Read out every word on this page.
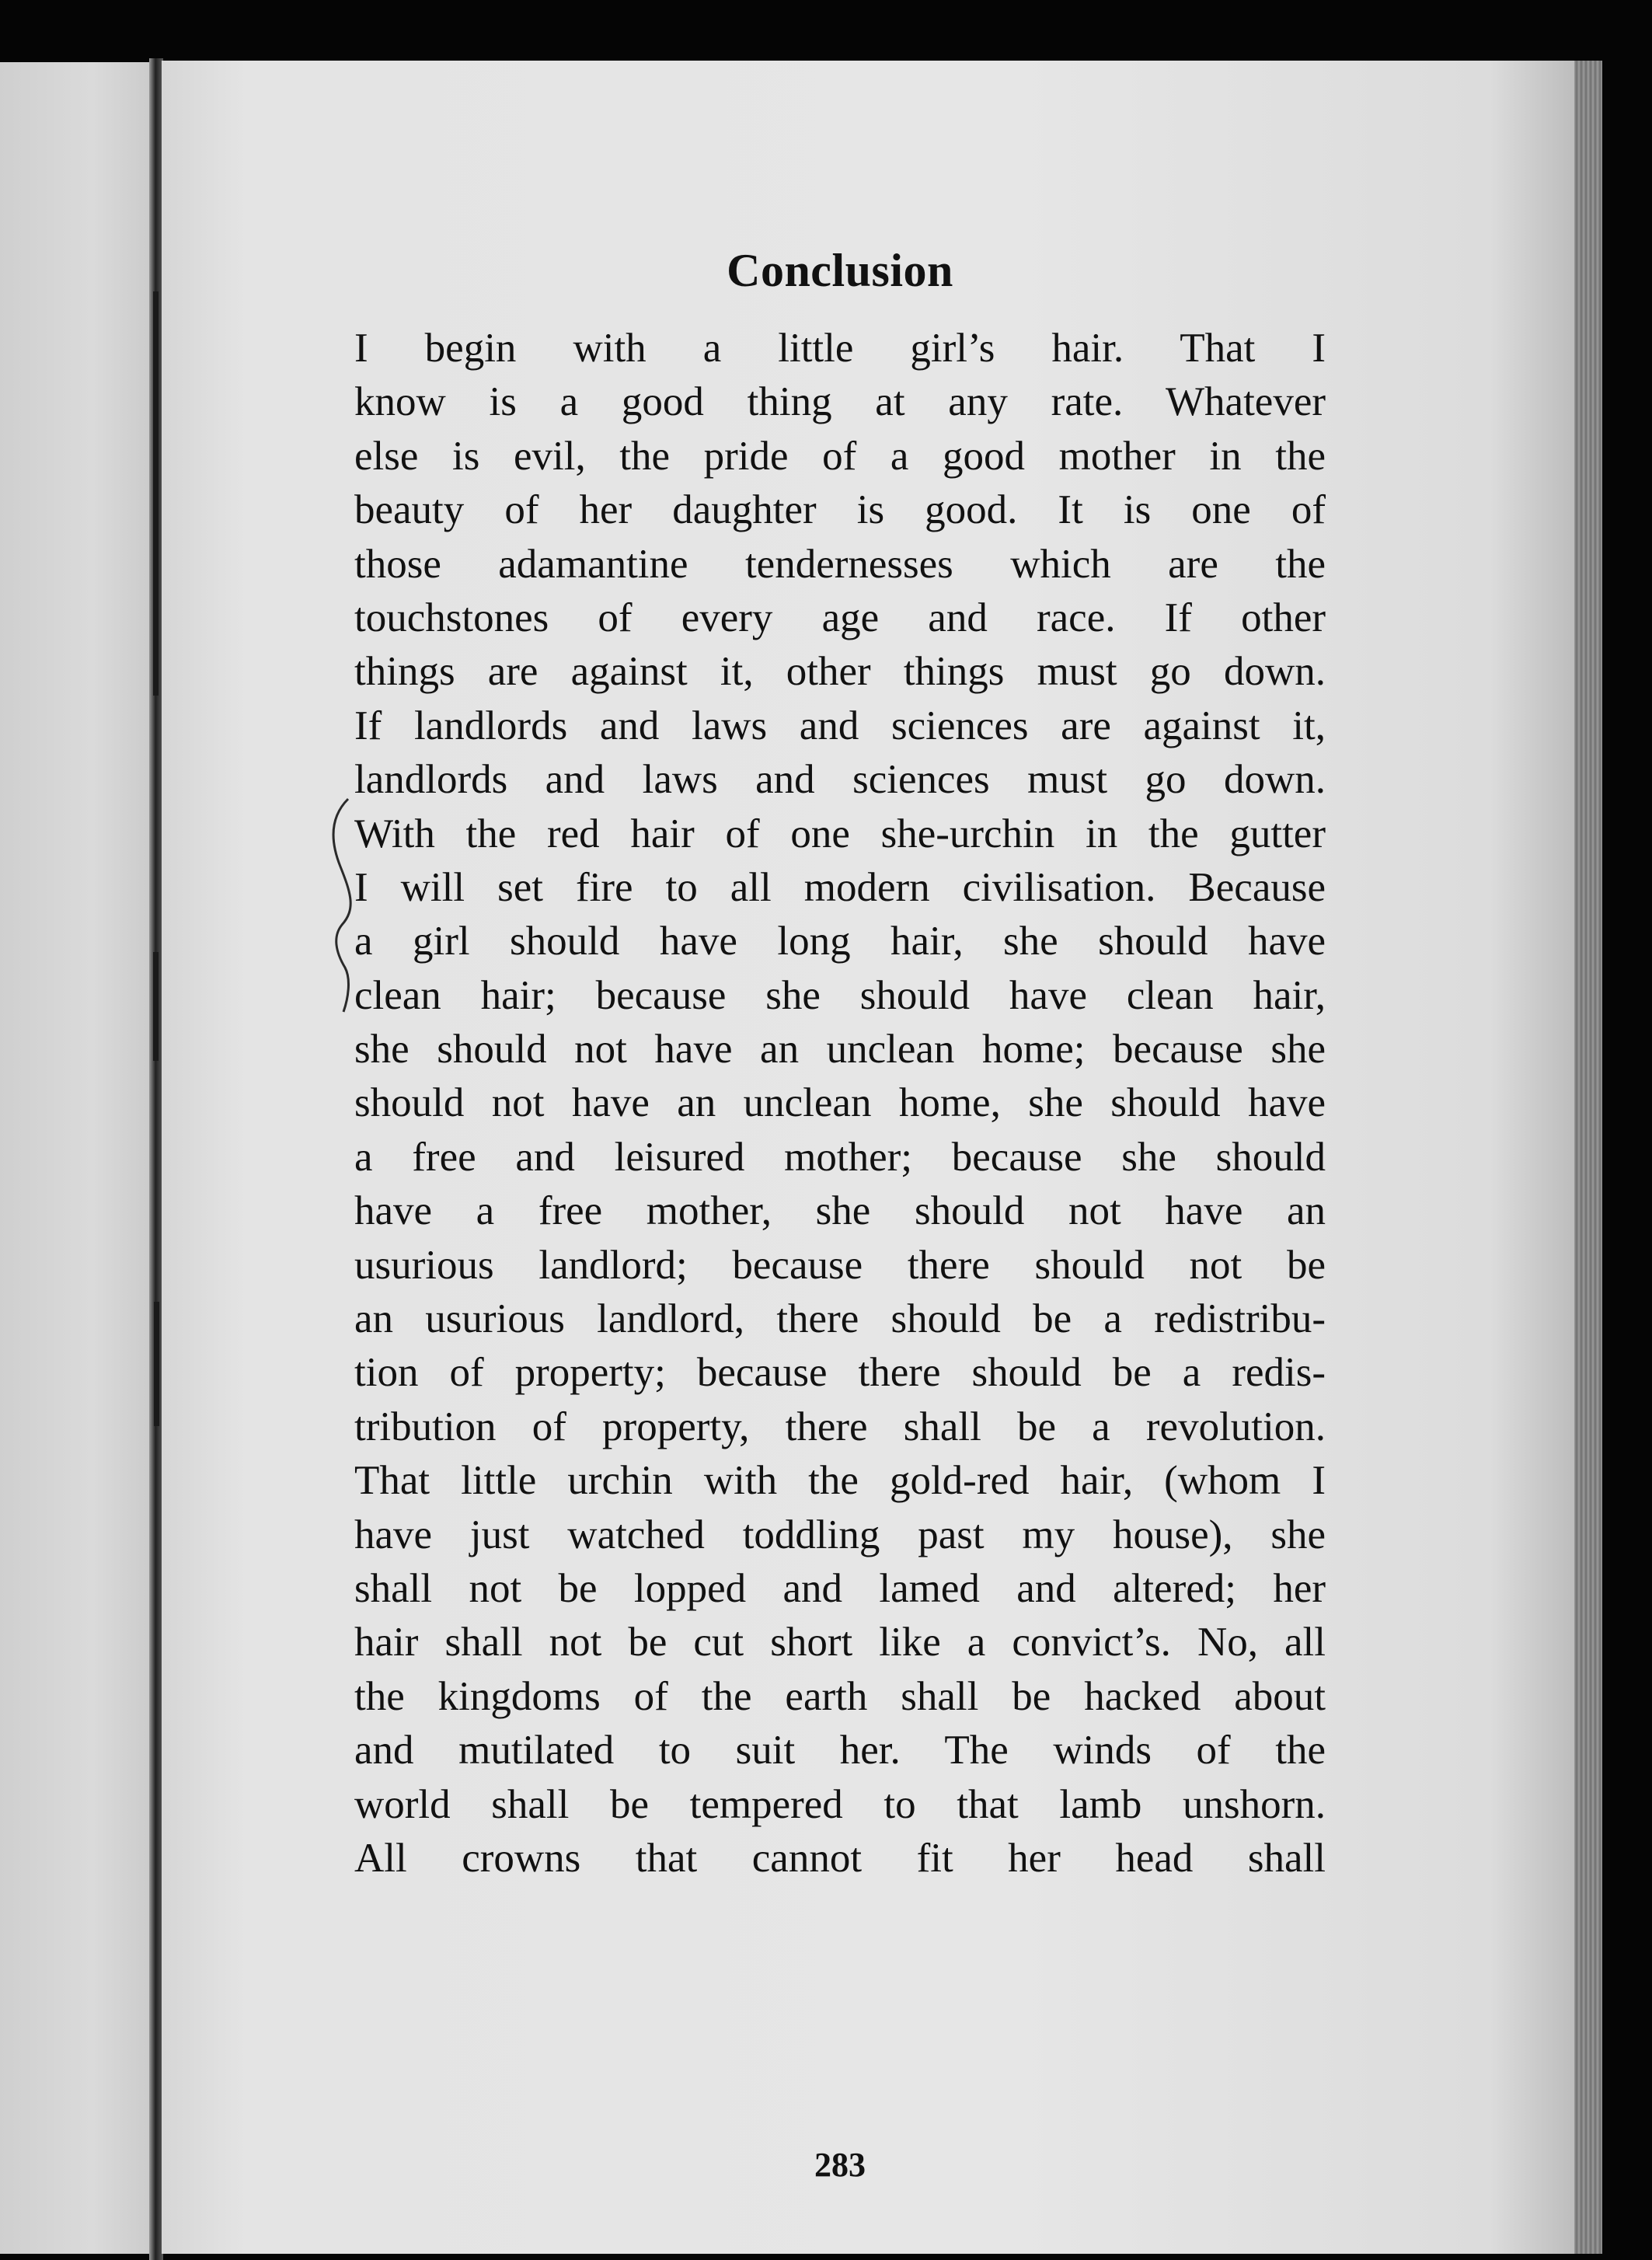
Conclusion
I begin with a little girl’s hair. That I
know is a good thing at any rate. Whatever
else is evil, the pride of a good mother in the
beauty of her daughter is good. It is one of
those adamantine tendernesses which are the
touchstones of every age and race. If other
things are against it, other things must go down.
If landlords and laws and sciences are against it,
landlords and laws and sciences must go down.
With the red hair of one she-urchin in the gutter
I will set fire to all modern civilisation. Because
a girl should have long hair, she should have
clean hair; because she should have clean hair,
she should not have an unclean home; because she
should not have an unclean home, she should have
a free and leisured mother; because she should
have a free mother, she should not have an
usurious landlord; because there should not be
an usurious landlord, there should be a redistribu-
tion of property; because there should be a redis-
tribution of property, there shall be a revolution.
That little urchin with the gold-red hair, (whom I
have just watched toddling past my house), she
shall not be lopped and lamed and altered; her
hair shall not be cut short like a convict’s. No, all
the kingdoms of the earth shall be hacked about
and mutilated to suit her. The winds of the
world shall be tempered to that lamb unshorn.
All crowns that cannot fit her head shall
283
